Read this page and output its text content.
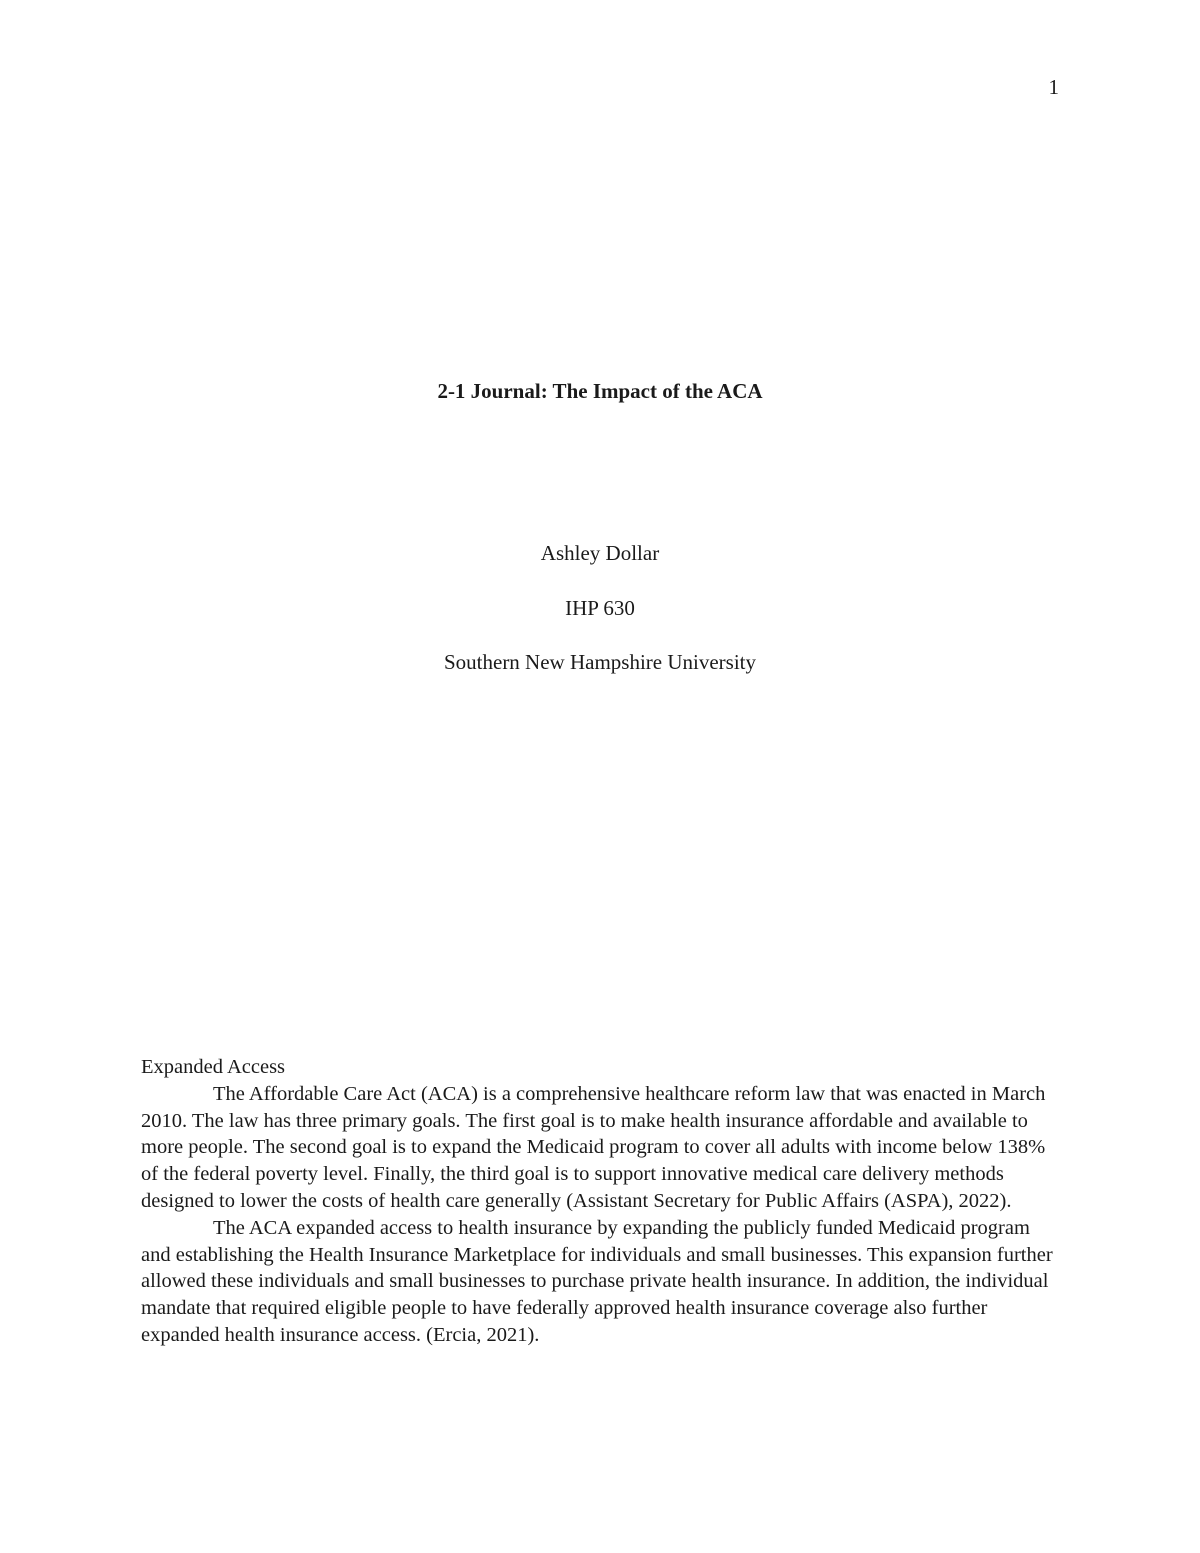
1
2-1 Journal: The Impact of the ACA
Ashley Dollar
IHP 630
Southern New Hampshire University
Expanded Access

The Affordable Care Act (ACA) is a comprehensive healthcare reform law that was enacted in March 2010. The law has three primary goals. The first goal is to make health insurance affordable and available to more people. The second goal is to expand the Medicaid program to cover all adults with income below 138% of the federal poverty level. Finally, the third goal is to support innovative medical care delivery methods designed to lower the costs of health care generally (Assistant Secretary for Public Affairs (ASPA), 2022).

The ACA expanded access to health insurance by expanding the publicly funded Medicaid program and establishing the Health Insurance Marketplace for individuals and small businesses. This expansion further allowed these individuals and small businesses to purchase private health insurance. In addition, the individual mandate that required eligible people to have federally approved health insurance coverage also further expanded health insurance access. (Ercia, 2021).
